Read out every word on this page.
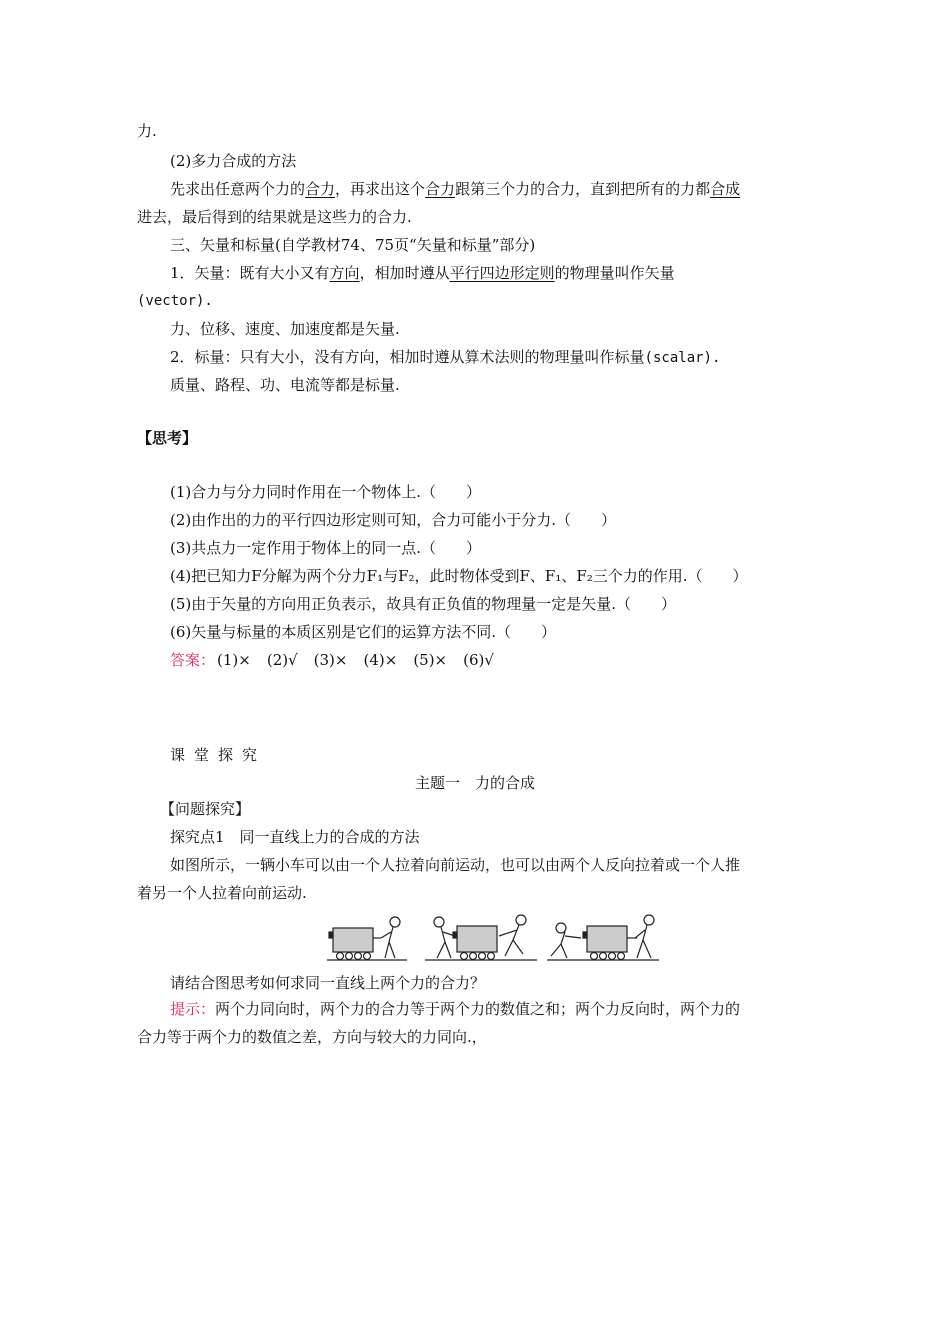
力.
(2)多力合成的方法
先求出任意两个力的合力，再求出这个合力跟第三个力的合力，直到把所有的力都合成
进去，最后得到的结果就是这些力的合力.
三、矢量和标量(自学教材74、75页“矢量和标量”部分)
1．矢量：既有大小又有方向，相加时遵从平行四边形定则的物理量叫作矢量
(vector).
力、位移、速度、加速度都是矢量.
2．标量：只有大小，没有方向，相加时遵从算术法则的物理量叫作标量(scalar).
质量、路程、功、电流等都是标量.
【思考】
(1)合力与分力同时作用在一个物体上.（　　）
(2)由作出的力的平行四边形定则可知，合力可能小于分力.（　　）
(3)共点力一定作用于物体上的同一点.（　　）
(4)把已知力F分解为两个分力F₁与F₂，此时物体受到F、F₁、F₂三个力的作用.（　　）
(5)由于矢量的方向用正负表示，故具有正负值的物理量一定是矢量.（　　）
(6)矢量与标量的本质区别是它们的运算方法不同.（　　）
答案： (1)× (2)√ (3)× (4)× (5)× (6)√
课堂探究
主题一　力的合成
【问题探究】
探究点1　同一直线上力的合成的方法
如图所示，一辆小车可以由一个人拉着向前运动，也可以由两个人反向拉着或一个人推
着另一个人拉着向前运动.
请结合图思考如何求同一直线上两个力的合力？
提示：两个力同向时，两个力的合力等于两个力的数值之和；两个力反向时，两个力的
合力等于两个力的数值之差，方向与较大的力同向.，
